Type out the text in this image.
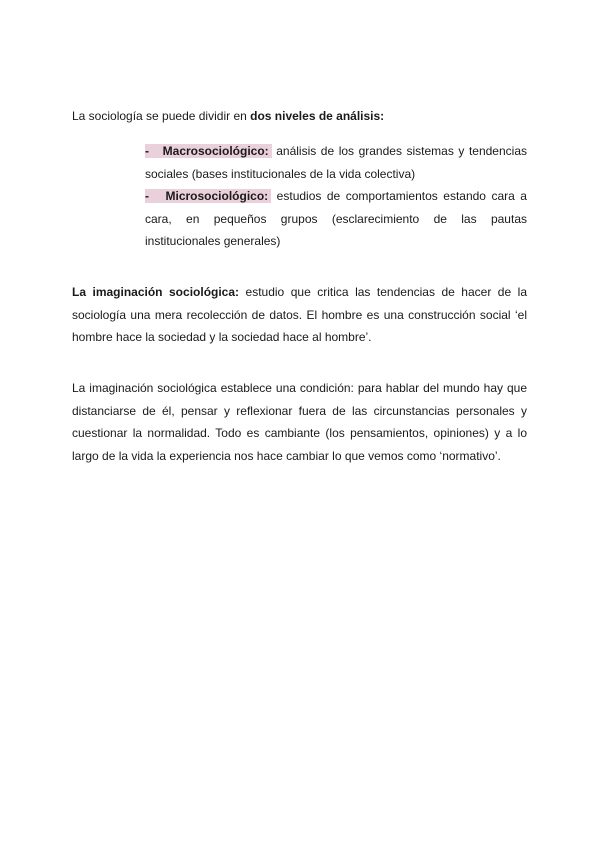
La sociología se puede dividir en dos niveles de análisis:

- Macrosociológico: análisis de los grandes sistemas y tendencias sociales (bases institucionales de la vida colectiva)

- Microsociológico: estudios de comportamientos estando cara a cara, en pequeños grupos (esclarecimiento de las pautas institucionales generales)

La imaginación sociológica: estudio que critica las tendencias de hacer de la sociología una mera recolección de datos. El hombre es una construcción social ‘el hombre hace la sociedad y la sociedad hace al hombre’.

La imaginación sociológica establece una condición: para hablar del mundo hay que distanciarse de él, pensar y reflexionar fuera de las circunstancias personales y cuestionar la normalidad. Todo es cambiante (los pensamientos, opiniones) y a lo largo de la vida la experiencia nos hace cambiar lo que vemos como ‘normativo’.
